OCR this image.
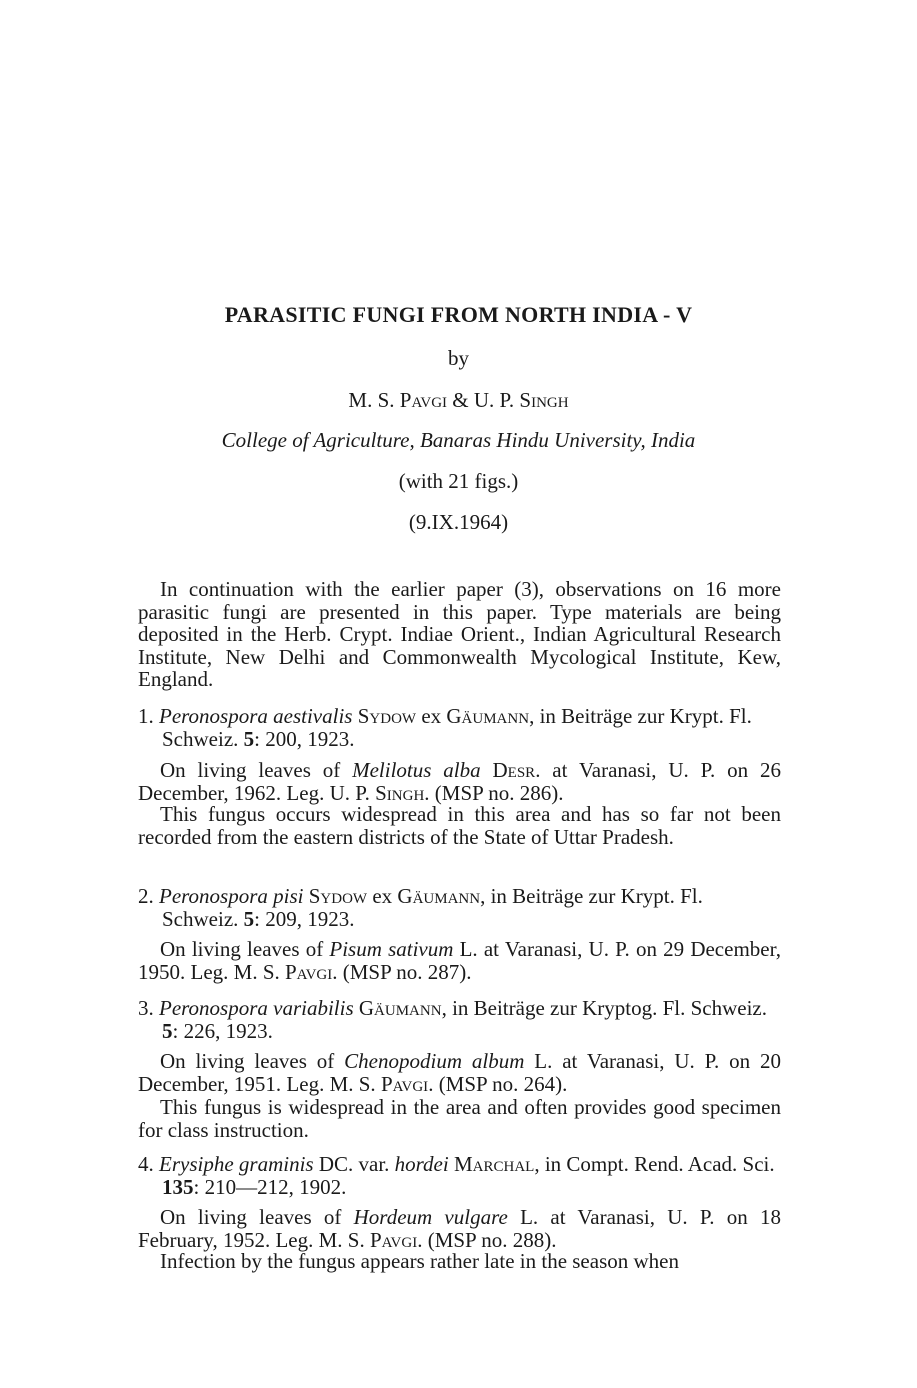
PARASITIC FUNGI FROM NORTH INDIA - V
by
M. S. Pavgi & U. P. Singh
College of Agriculture, Banaras Hindu University, India
(with 21 figs.)
(9.IX.1964)
In continuation with the earlier paper (3), observations on 16 more parasitic fungi are presented in this paper. Type materials are being deposited in the Herb. Crypt. Indiae Orient., Indian Agricultural Research Institute, New Delhi and Commonwealth Mycological Institute, Kew, England.
1. Peronospora aestivalis Sydow ex Gäumann, in Beiträge zur Krypt. Fl. Schweiz. 5: 200, 1923.
On living leaves of Melilotus alba Desr. at Varanasi, U. P. on 26 December, 1962. Leg. U. P. Singh. (MSP no. 286).
This fungus occurs widespread in this area and has so far not been recorded from the eastern districts of the State of Uttar Pradesh.
2. Peronospora pisi Sydow ex Gäumann, in Beiträge zur Krypt. Fl. Schweiz. 5: 209, 1923.
On living leaves of Pisum sativum L. at Varanasi, U. P. on 29 December, 1950. Leg. M. S. Pavgi. (MSP no. 287).
3. Peronospora variabilis Gäumann, in Beiträge zur Kryptog. Fl. Schweiz. 5: 226, 1923.
On living leaves of Chenopodium album L. at Varanasi, U. P. on 20 December, 1951. Leg. M. S. Pavgi. (MSP no. 264).
This fungus is widespread in the area and often provides good specimen for class instruction.
4. Erysiphe graminis DC. var. hordei Marchal, in Compt. Rend. Acad. Sci. 135: 210—212, 1902.
On living leaves of Hordeum vulgare L. at Varanasi, U. P. on 18 February, 1952. Leg. M. S. Pavgi. (MSP no. 288).
Infection by the fungus appears rather late in the season when
